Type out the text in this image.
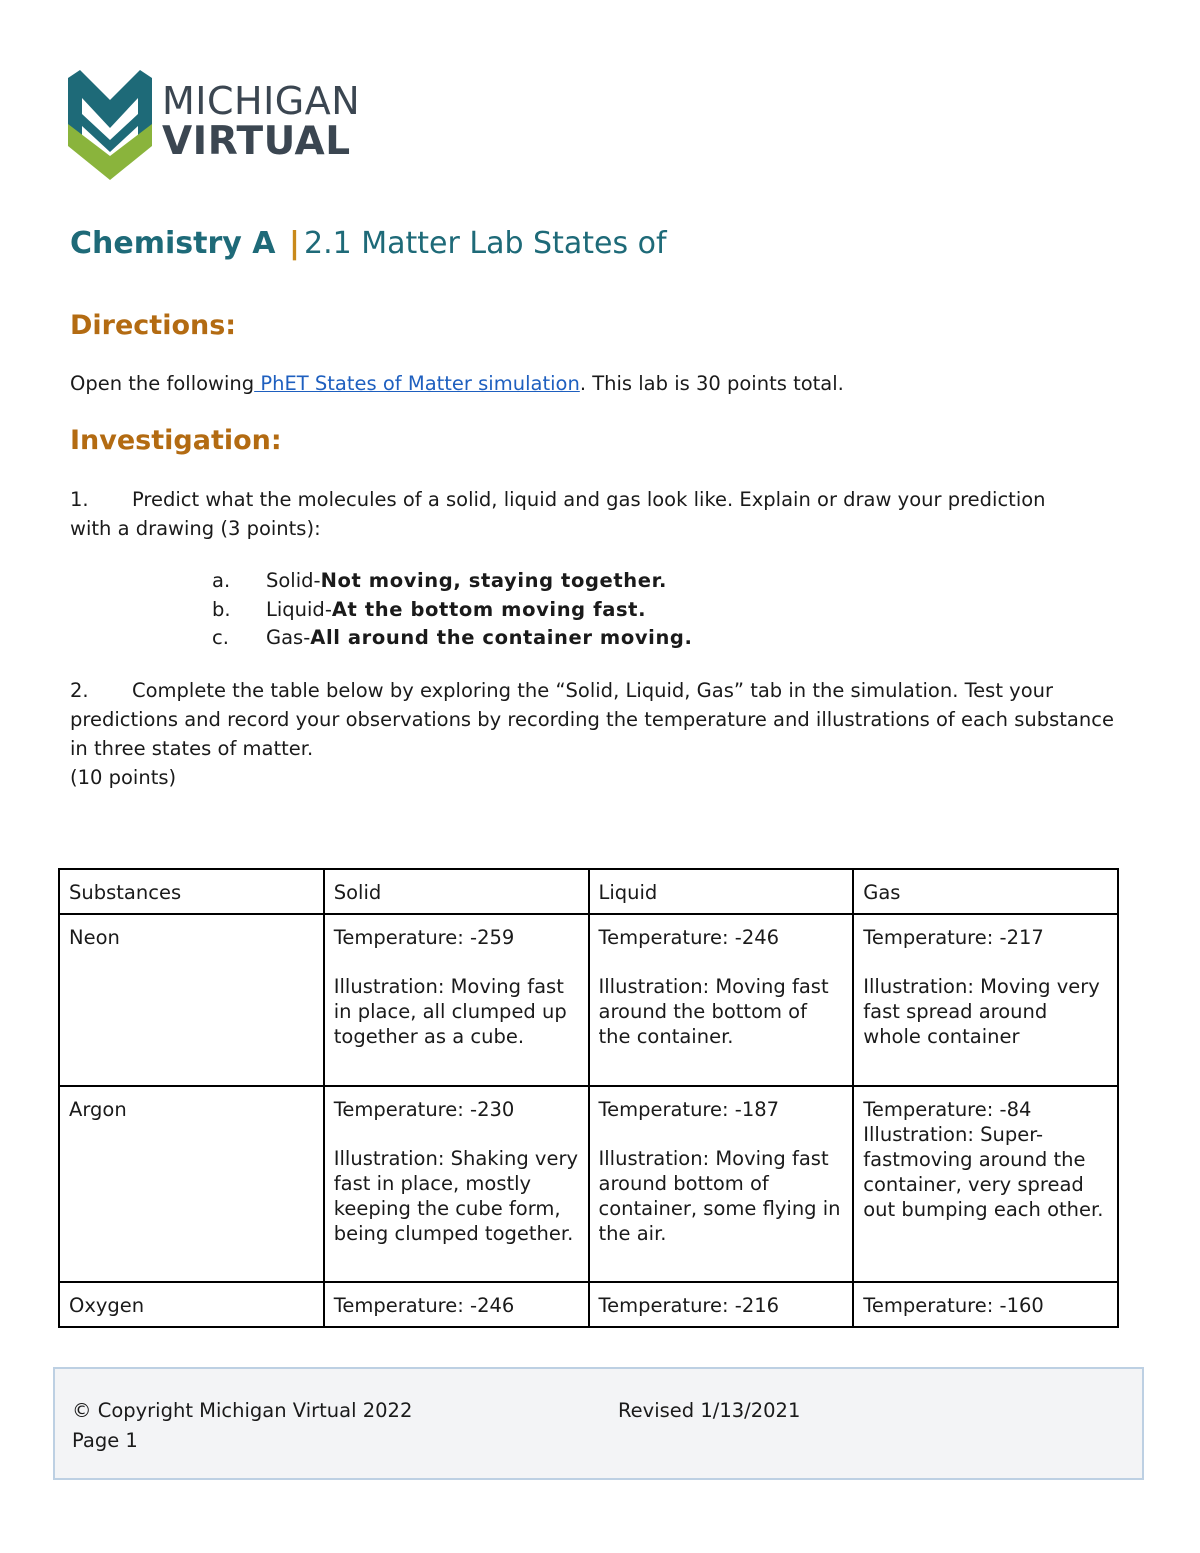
MICHIGAN
VIRTUAL
Chemistry A | 2.1 Matter Lab States of
Directions:
Open the following PhET States of Matter simulation. This lab is 30 points total.
Investigation:
1. Predict what the molecules of a solid, liquid and gas look like. Explain or draw your prediction with a drawing (3 points):
a. Solid-Not moving, staying together.
b. Liquid-At the bottom moving fast.
c. Gas-All around the container moving.
2. Complete the table below by exploring the “Solid, Liquid, Gas” tab in the simulation. Test your predictions and record your observations by recording the temperature and illustrations of each substance in three states of matter.
(10 points)
Substances	Solid	Liquid	Gas
Neon	Temperature: -259
Illustration: Moving fast in place, all clumped up together as a cube.	Temperature: -246
Illustration: Moving fast around the bottom of the container.	Temperature: -217
Illustration: Moving very fast spread around whole container
Argon	Temperature: -230
Illustration: Shaking very fast in place, mostly keeping the cube form, being clumped together.	Temperature: -187
Illustration: Moving fast around bottom of container, some flying in the air.	Temperature: -84
Illustration: Super-fastmoving around the container, very spread out bumping each other.
Oxygen	Temperature: -246	Temperature: -216	Temperature: -160
© Copyright Michigan Virtual 2022	Revised 1/13/2021
Page 1
